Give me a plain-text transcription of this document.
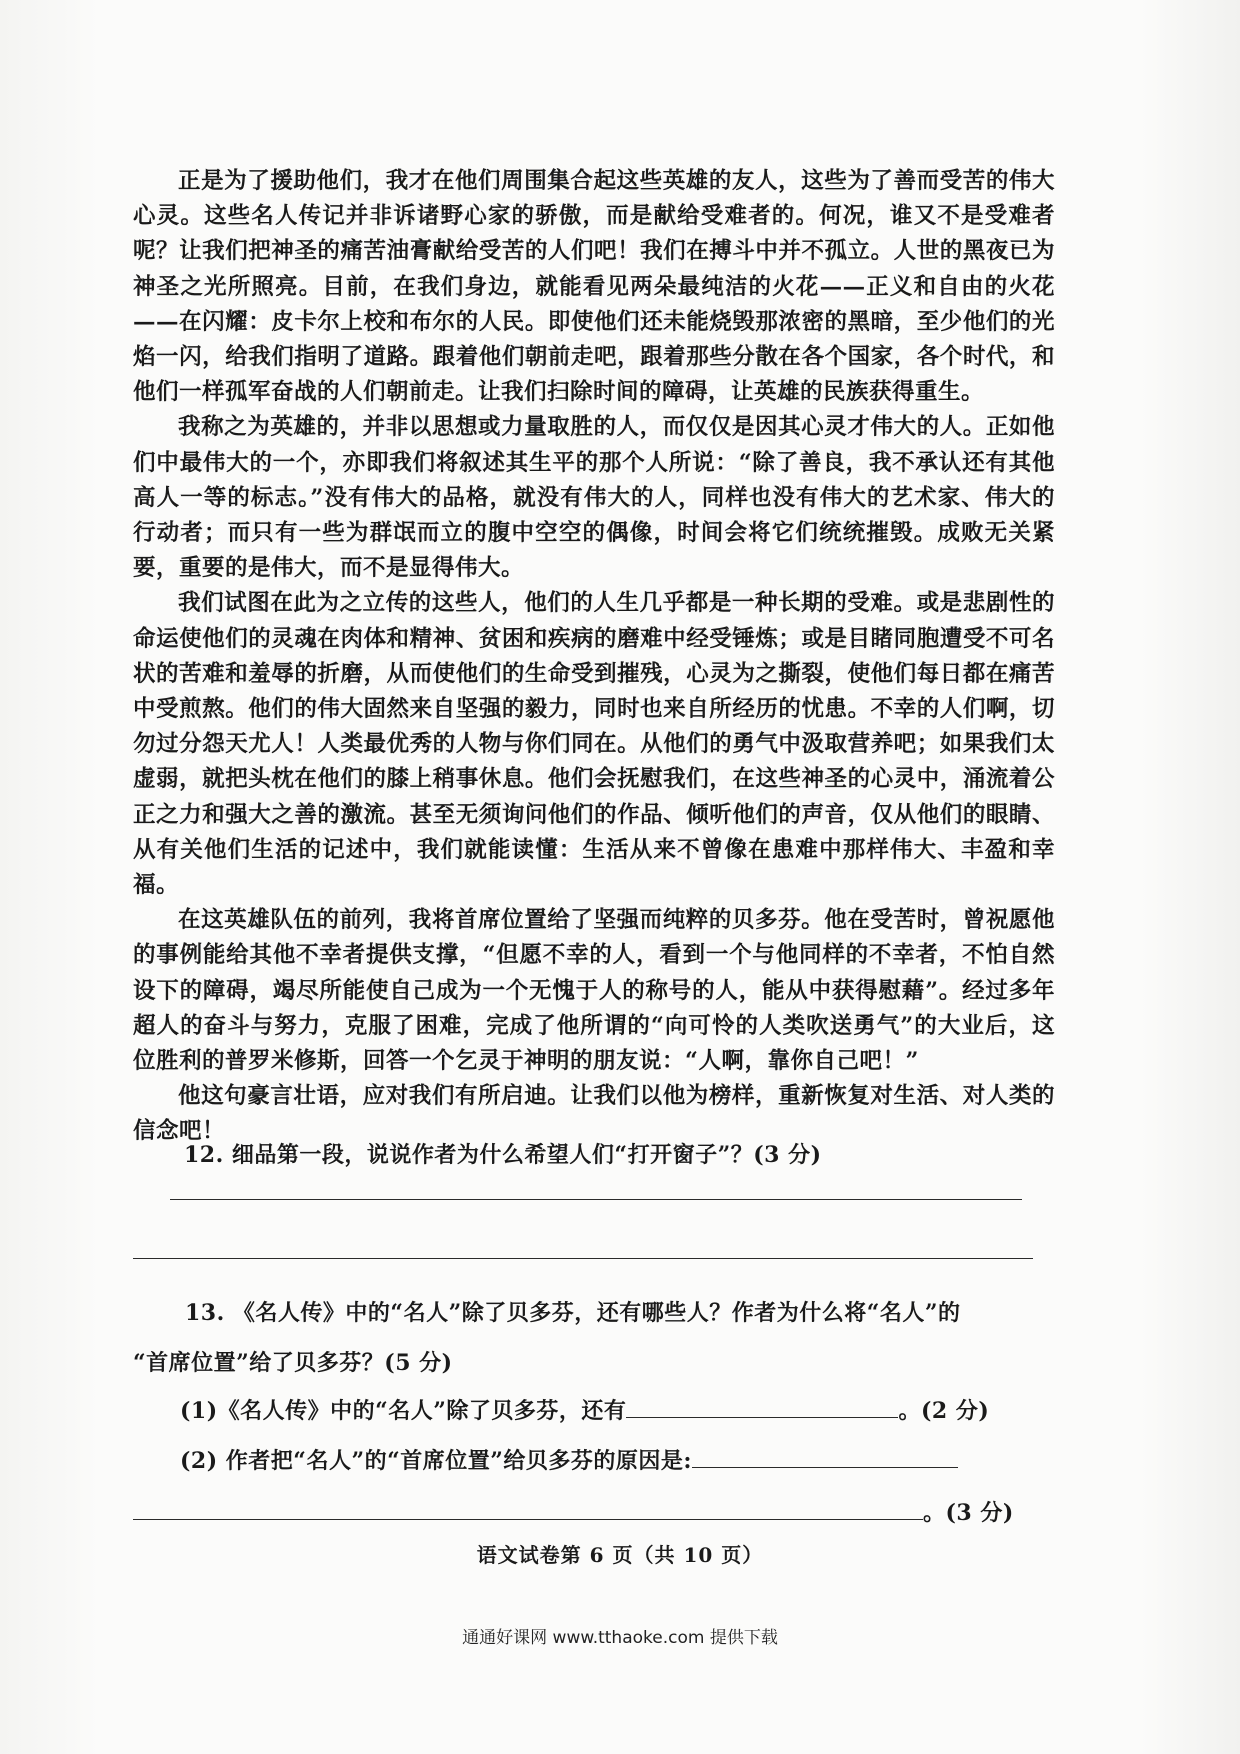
正是为了援助他们，我才在他们周围集合起这些英雄的友人，这些为了善而受苦的伟大心灵。这些名人传记并非诉诸野心家的骄傲，而是献给受难者的。何况，谁又不是受难者呢？让我们把神圣的痛苦油膏献给受苦的人们吧！我们在搏斗中并不孤立。人世的黑夜已为神圣之光所照亮。目前，在我们身边，就能看见两朵最纯洁的火花——正义和自由的火花——在闪耀：皮卡尔上校和布尔的人民。即使他们还未能烧毁那浓密的黑暗，至少他们的光焰一闪，给我们指明了道路。跟着他们朝前走吧，跟着那些分散在各个国家，各个时代，和他们一样孤军奋战的人们朝前走。让我们扫除时间的障碍，让英雄的民族获得重生。

我称之为英雄的，并非以思想或力量取胜的人，而仅仅是因其心灵才伟大的人。正如他们中最伟大的一个，亦即我们将叙述其生平的那个人所说：“除了善良，我不承认还有其他高人一等的标志。”没有伟大的品格，就没有伟大的人，同样也没有伟大的艺术家、伟大的行动者；而只有一些为群氓而立的腹中空空的偶像，时间会将它们统统摧毁。成败无关紧要，重要的是伟大，而不是显得伟大。

我们试图在此为之立传的这些人，他们的人生几乎都是一种长期的受难。或是悲剧性的命运使他们的灵魂在肉体和精神、贫困和疾病的磨难中经受锤炼；或是目睹同胞遭受不可名状的苦难和羞辱的折磨，从而使他们的生命受到摧残，心灵为之撕裂，使他们每日都在痛苦中受煎熬。他们的伟大固然来自坚强的毅力，同时也来自所经历的忧患。不幸的人们啊，切勿过分怨天尤人！人类最优秀的人物与你们同在。从他们的勇气中汲取营养吧；如果我们太虚弱，就把头枕在他们的膝上稍事休息。他们会抚慰我们，在这些神圣的心灵中，涌流着公正之力和强大之善的激流。甚至无须询问他们的作品、倾听他们的声音，仅从他们的眼睛、从有关他们生活的记述中，我们就能读懂：生活从来不曾像在患难中那样伟大、丰盈和幸福。

在这英雄队伍的前列，我将首席位置给了坚强而纯粹的贝多芬。他在受苦时，曾祝愿他的事例能给其他不幸者提供支撑，“但愿不幸的人，看到一个与他同样的不幸者，不怕自然设下的障碍，竭尽所能使自己成为一个无愧于人的称号的人，能从中获得慰藉”。经过多年超人的奋斗与努力，克服了困难，完成了他所谓的“向可怜的人类吹送勇气”的大业后，这位胜利的普罗米修斯，回答一个乞灵于神明的朋友说：“人啊，靠你自己吧！”

他这句豪言壮语，应对我们有所启迪。让我们以他为榜样，重新恢复对生活、对人类的信念吧！

12. 细品第一段，说说作者为什么希望人们“打开窗子”？(3 分)
13. 《名人传》中的“名人”除了贝多芬，还有哪些人？作者为什么将“名人”的
“首席位置”给了贝多芬？(5 分)
(1)《名人传》中的“名人”除了贝多芬，还有	。(2 分)
(2) 作者把“名人”的“首席位置”给贝多芬的原因是:
。(3 分)
语文试卷第 6 页（共 10 页）
通通好课网 www.tthaoke.com 提供下载
